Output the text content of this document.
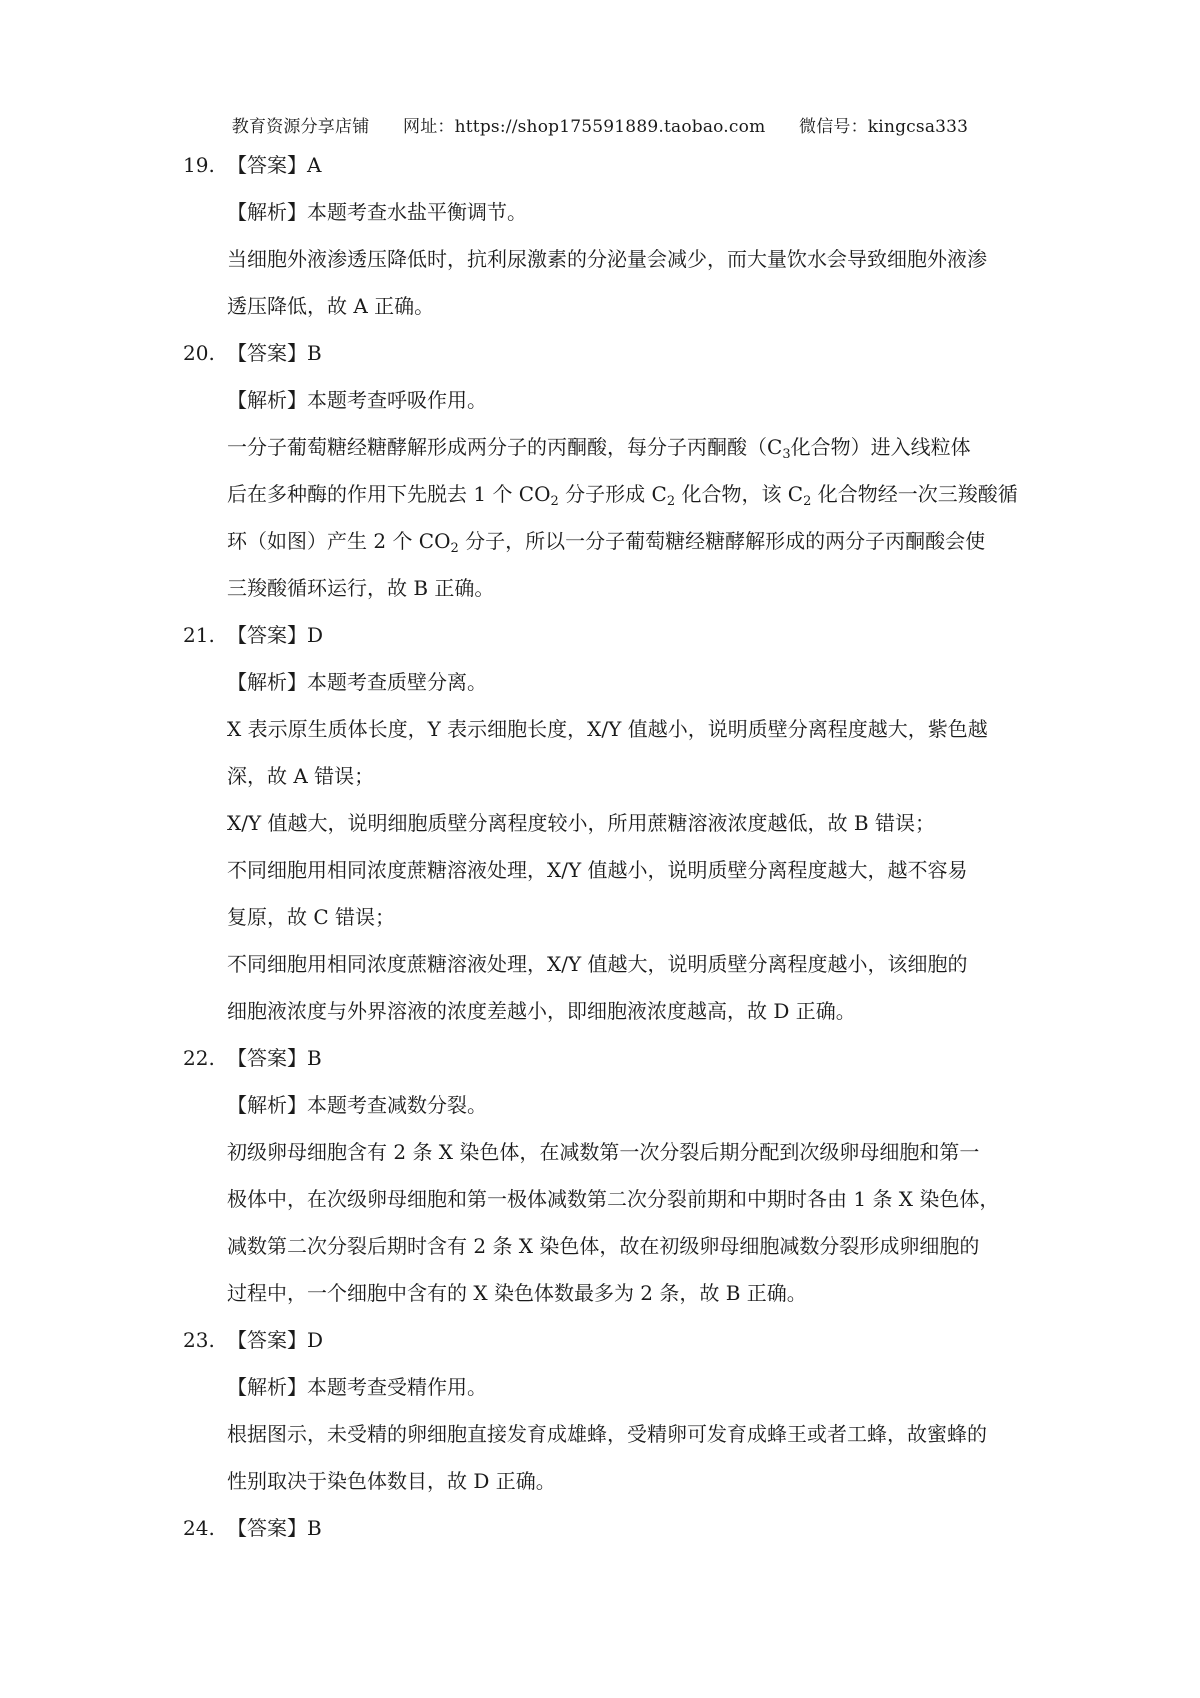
教育资源分享店铺 网址：https://shop175591889.taobao.com 微信号：kingcsa333

19. 【答案】A

【解析】本题考查水盐平衡调节。

当细胞外液渗透压降低时，抗利尿激素的分泌量会减少，而大量饮水会导致细胞外液渗

透压降低，故 A 正确。

20. 【答案】B

【解析】本题考查呼吸作用。

一分子葡萄糖经糖酵解形成两分子的丙酮酸，每分子丙酮酸（$C_3$化合物）进入线粒体

后在多种酶的作用下先脱去 1 个 $CO_2$ 分子形成 $C_2$ 化合物，该 $C_2$ 化合物经一次三羧酸循

环（如图）产生 2 个 $CO_2$ 分子，所以一分子葡萄糖经糖酵解形成的两分子丙酮酸会使

三羧酸循环运行，故 B 正确。

21. 【答案】D

【解析】本题考查质壁分离。

X 表示原生质体长度，Y 表示细胞长度，X/Y 值越小，说明质壁分离程度越大，紫色越

深，故 A 错误；

X/Y 值越大，说明细胞质壁分离程度较小，所用蔗糖溶液浓度越低，故 B 错误；

不同细胞用相同浓度蔗糖溶液处理，X/Y 值越小，说明质壁分离程度越大，越不容易

复原，故 C 错误；

不同细胞用相同浓度蔗糖溶液处理，X/Y 值越大，说明质壁分离程度越小，该细胞的

细胞液浓度与外界溶液的浓度差越小，即细胞液浓度越高，故 D 正确。

22. 【答案】B

【解析】本题考查减数分裂。

初级卵母细胞含有 2 条 X 染色体，在减数第一次分裂后期分配到次级卵母细胞和第一

极体中，在次级卵母细胞和第一极体减数第二次分裂前期和中期时各由 1 条 X 染色体，

减数第二次分裂后期时含有 2 条 X 染色体，故在初级卵母细胞减数分裂形成卵细胞的

过程中，一个细胞中含有的 X 染色体数最多为 2 条，故 B 正确。

23. 【答案】D

【解析】本题考查受精作用。

根据图示，未受精的卵细胞直接发育成雄蜂，受精卵可发育成蜂王或者工蜂，故蜜蜂的

性别取决于染色体数目，故 D 正确。

24. 【答案】B
